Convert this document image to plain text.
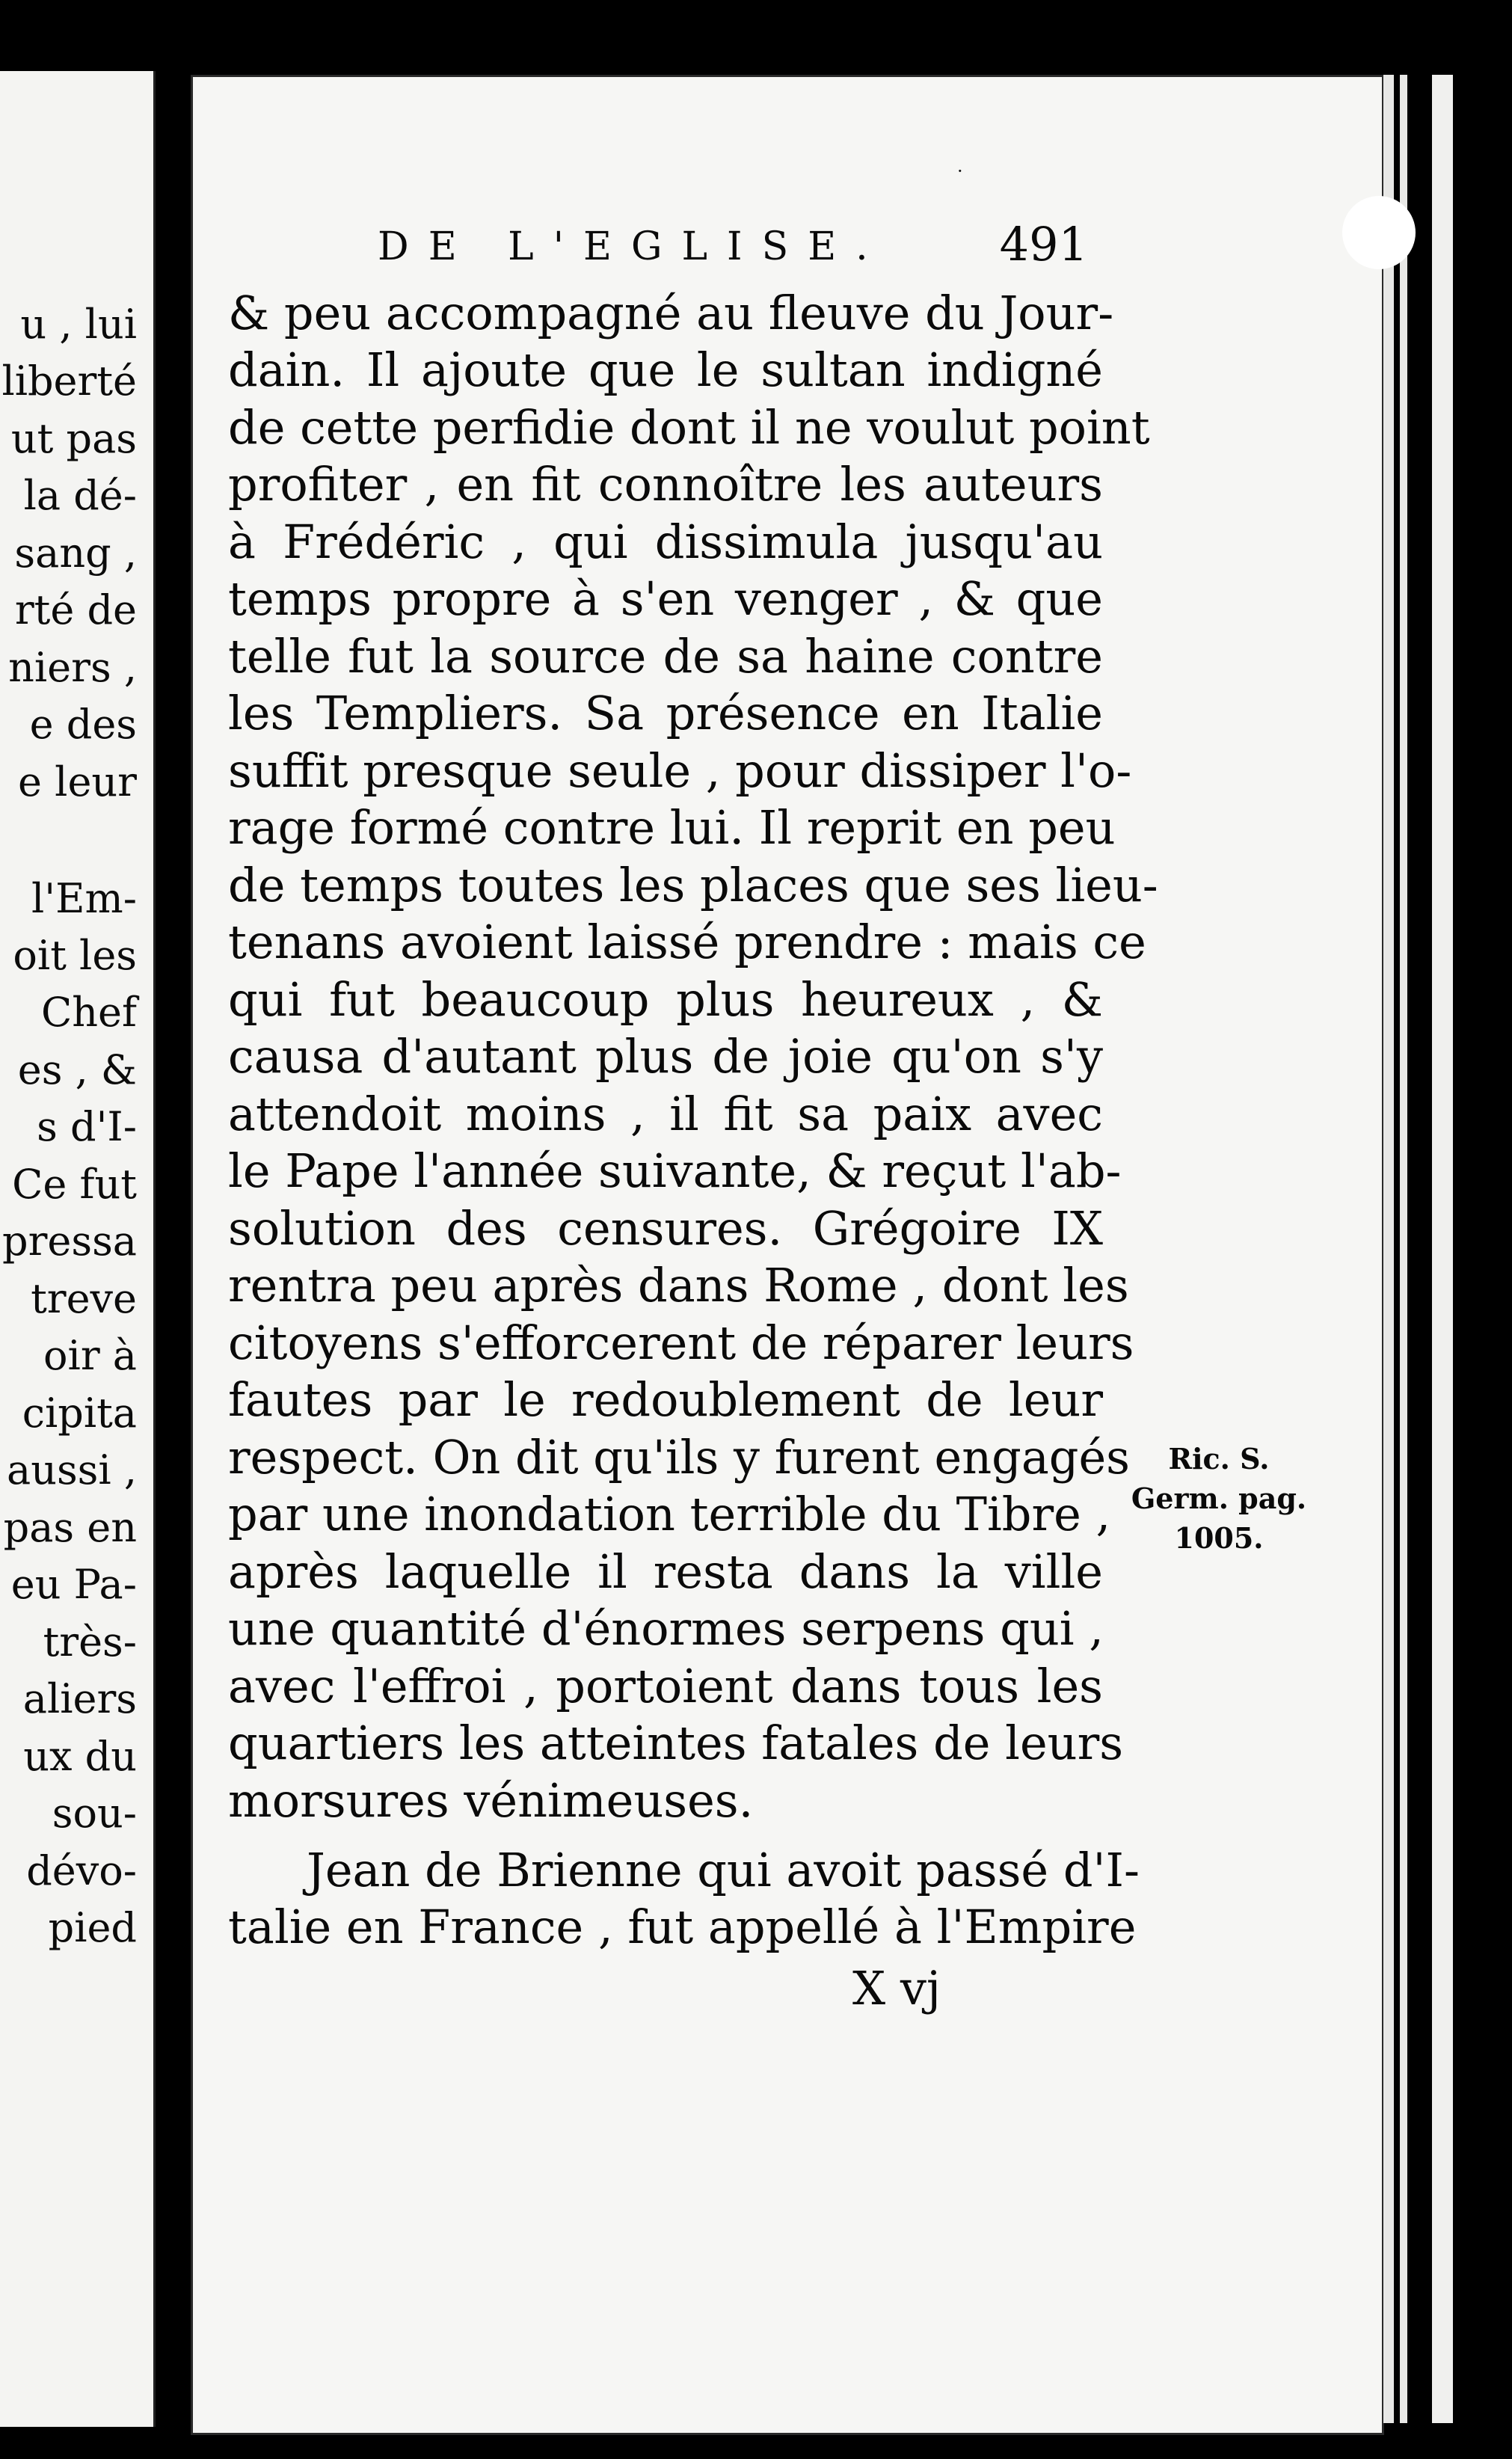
u , lui
liberté
ut pas
la dé-
sang ,
rté de
niers ,
e des
e leur
l'Em-
oit les
Chef
es , &
s d'I-
Ce fut
pressa
treve
oir à
cipita
aussi ,
pas en
eu Pa-
très-
aliers
ux du
sou-
dévo-
pied
·
DE L'EGLISE. 491
& peu accompagné au fleuve du Jour-
dain. Il ajoute que le sultan indigné
de cette perfidie dont il ne voulut point
profiter , en fit connoître les auteurs
à Frédéric , qui dissimula jusqu'au
temps propre à s'en venger , & que
telle fut la source de sa haine contre
les Templiers. Sa présence en Italie
suffit presque seule , pour dissiper l'o-
rage formé contre lui. Il reprit en peu
de temps toutes les places que ses lieu-
tenans avoient laissé prendre : mais ce
qui fut beaucoup plus heureux , &
causa d'autant plus de joie qu'on s'y
attendoit moins , il fit sa paix avec
le Pape l'année suivante, & reçut l'ab-
solution des censures. Grégoire IX
rentra peu après dans Rome , dont les
citoyens s'efforcerent de réparer leurs
fautes par le redoublement de leur
respect. On dit qu'ils y furent engagés
par une inondation terrible du Tibre ,
après laquelle il resta dans la ville
une quantité d'énormes serpens qui ,
avec l'effroi , portoient dans tous les
quartiers les atteintes fatales de leurs
morsures vénimeuses.
Jean de Brienne qui avoit passé d'I-
talie en France , fut appellé à l'Empire
Ric. S.
Germ. pag.
1005.
X vj
